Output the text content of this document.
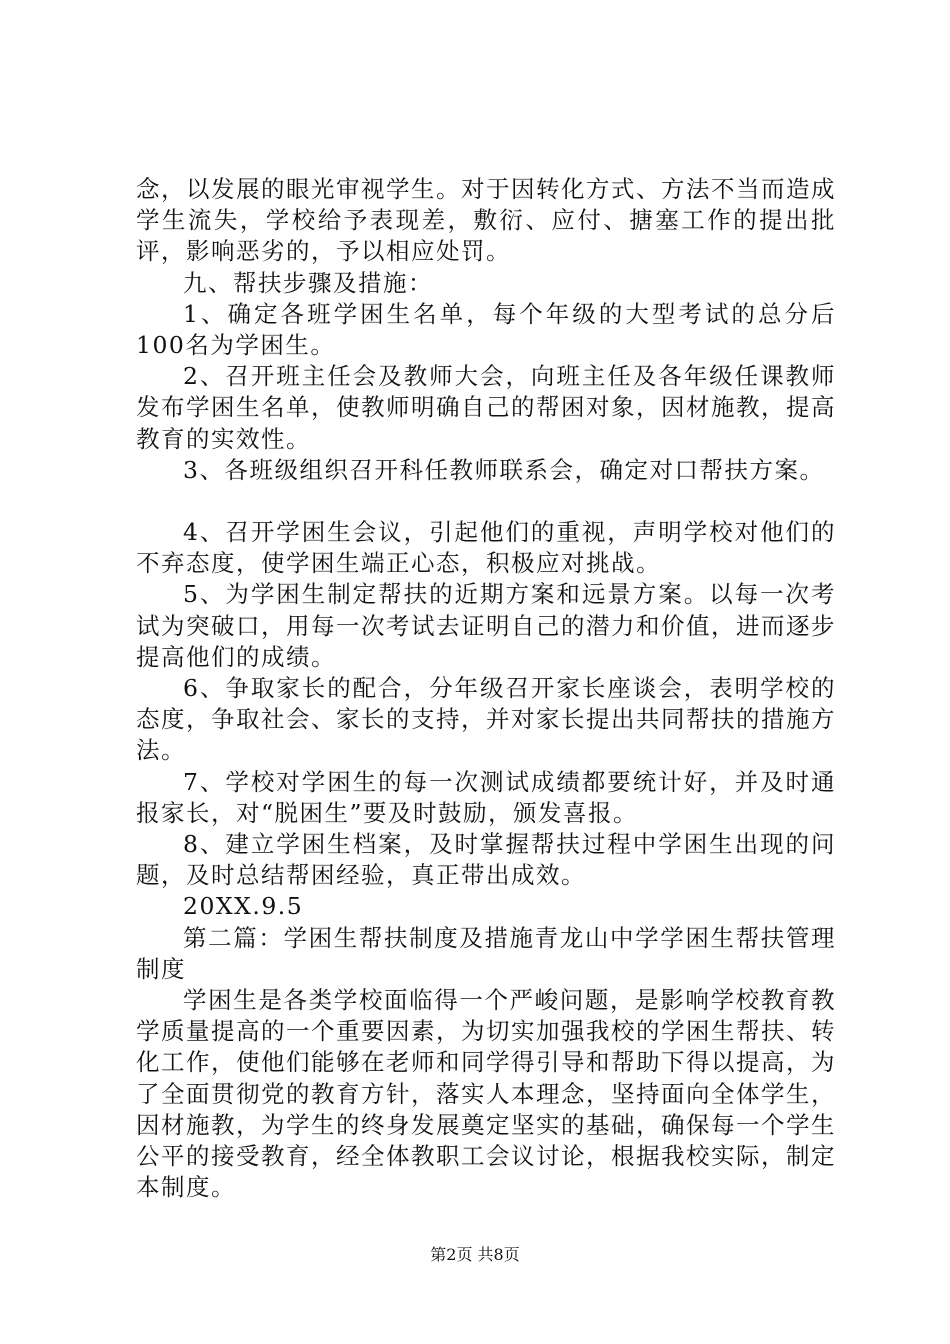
念，以发展的眼光审视学生。对于因转化方式、方法不当而造成学生流失，学校给予表现差，敷衍、应付、搪塞工作的提出批评，影响恶劣的，予以相应处罚。

九、帮扶步骤及措施：

1、确定各班学困生名单，每个年级的大型考试的总分后100名为学困生。

2、召开班主任会及教师大会，向班主任及各年级任课教师发布学困生名单，使教师明确自己的帮困对象，因材施教，提高教育的实效性。

3、各班级组织召开科任教师联系会，确定对口帮扶方案。

4、召开学困生会议，引起他们的重视，声明学校对他们的不弃态度，使学困生端正心态，积极应对挑战。

5、为学困生制定帮扶的近期方案和远景方案。以每一次考试为突破口，用每一次考试去证明自己的潜力和价值，进而逐步提高他们的成绩。

6、争取家长的配合，分年级召开家长座谈会，表明学校的态度，争取社会、家长的支持，并对家长提出共同帮扶的措施方法。

7、学校对学困生的每一次测试成绩都要统计好，并及时通报家长，对“脱困生”要及时鼓励，颁发喜报。

8、建立学困生档案，及时掌握帮扶过程中学困生出现的问题，及时总结帮困经验，真正带出成效。

20XX.9.5

第二篇：学困生帮扶制度及措施青龙山中学学困生帮扶管理制度

学困生是各类学校面临得一个严峻问题，是影响学校教育教学质量提高的一个重要因素，为切实加强我校的学困生帮扶、转化工作，使他们能够在老师和同学得引导和帮助下得以提高，为了全面贯彻党的教育方针，落实人本理念，坚持面向全体学生，因材施教，为学生的终身发展奠定坚实的基础，确保每一个学生公平的接受教育，经全体教职工会议讨论，根据我校实际，制定本制度。

第2页 共8页
